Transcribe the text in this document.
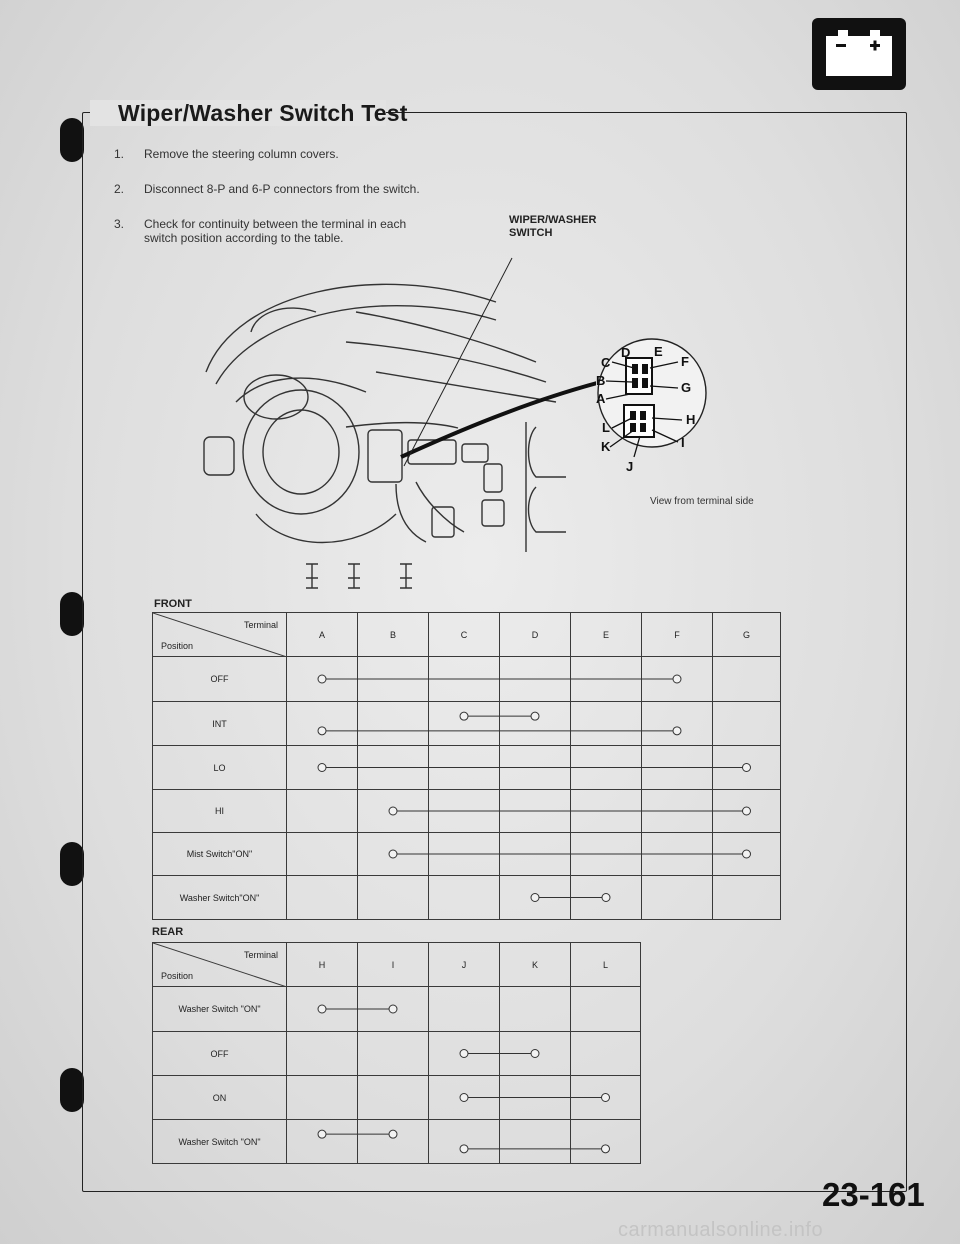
Wiper/Washer Switch Test
1.	Remove the steering column covers.
2.	Disconnect 8-P and 6-P connectors from the switch.
3.	Check for continuity between the terminal in each
switch position according to the table.
WIPER/WASHER
SWITCH
D E
C	F
B	G
A
H
L
I
K
J
View from terminal side
FRONT
Terminal
Position	A	B	C	D	E	F	G
OFF							
INT							
LO							
HI							
Mist Switch"ON"							
Washer Switch"ON"							
REAR
Terminal
Position	H	I	J	K	L
Washer Switch "ON"					
OFF					
ON					
Washer Switch "ON"					
23-161
carmanualsonline.info
